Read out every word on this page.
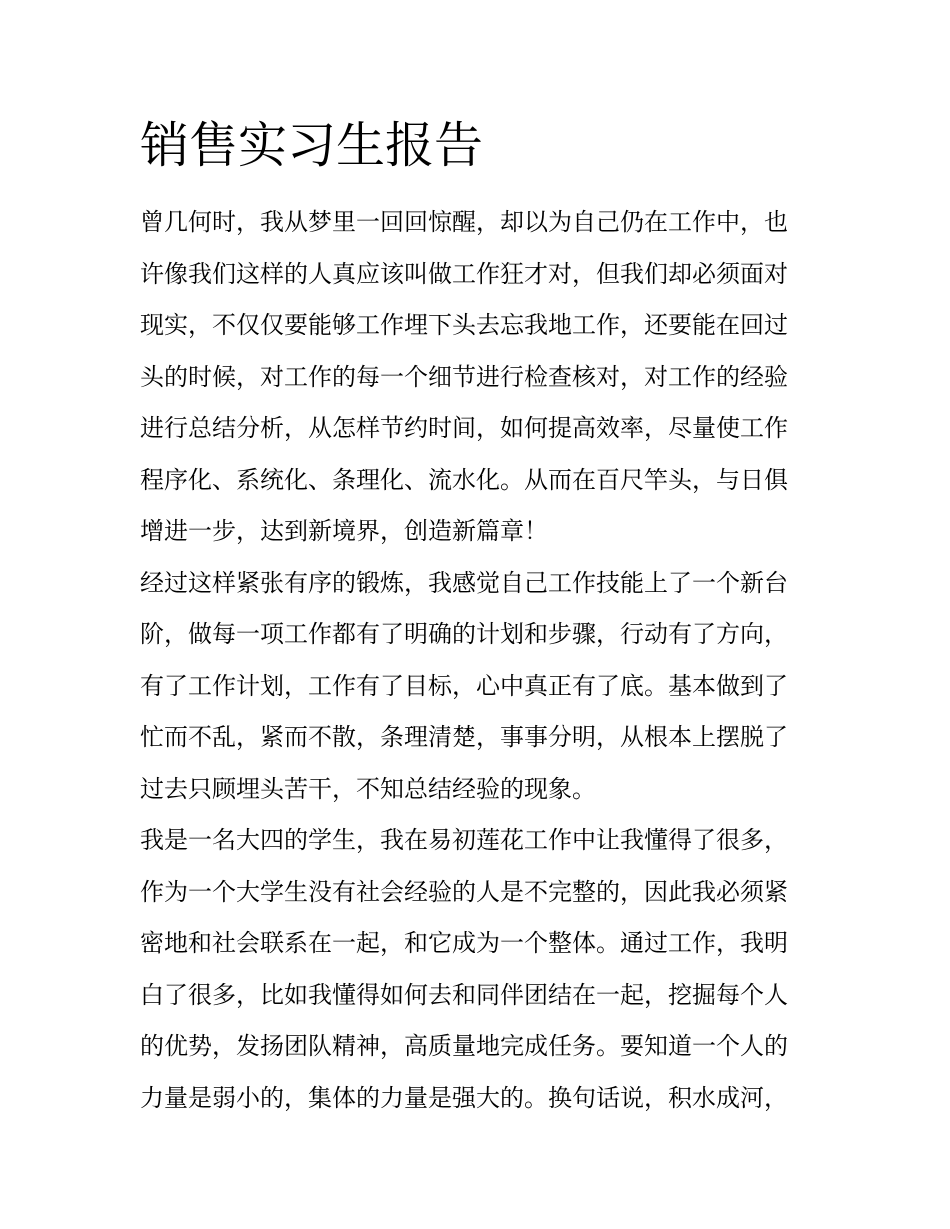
销售实习生报告

曾几何时，我从梦里一回回惊醒，却以为自己仍在工作中，也
许像我们这样的人真应该叫做工作狂才对，但我们却必须面对
现实，不仅仅要能够工作埋下头去忘我地工作，还要能在回过
头的时候，对工作的每一个细节进行检查核对，对工作的经验
进行总结分析，从怎样节约时间，如何提高效率，尽量使工作
程序化、系统化、条理化、流水化。从而在百尺竿头，与日俱
增进一步，达到新境界，创造新篇章！

经过这样紧张有序的锻炼，我感觉自己工作技能上了一个新台
阶，做每一项工作都有了明确的计划和步骤，行动有了方向，
有了工作计划，工作有了目标，心中真正有了底。基本做到了
忙而不乱，紧而不散，条理清楚，事事分明，从根本上摆脱了
过去只顾埋头苦干，不知总结经验的现象。

我是一名大四的学生，我在易初莲花工作中让我懂得了很多，
作为一个大学生没有社会经验的人是不完整的，因此我必须紧
密地和社会联系在一起，和它成为一个整体。通过工作，我明
白了很多，比如我懂得如何去和同伴团结在一起，挖掘每个人
的优势，发扬团队精神，高质量地完成任务。要知道一个人的
力量是弱小的，集体的力量是强大的。换句话说，积水成河，
